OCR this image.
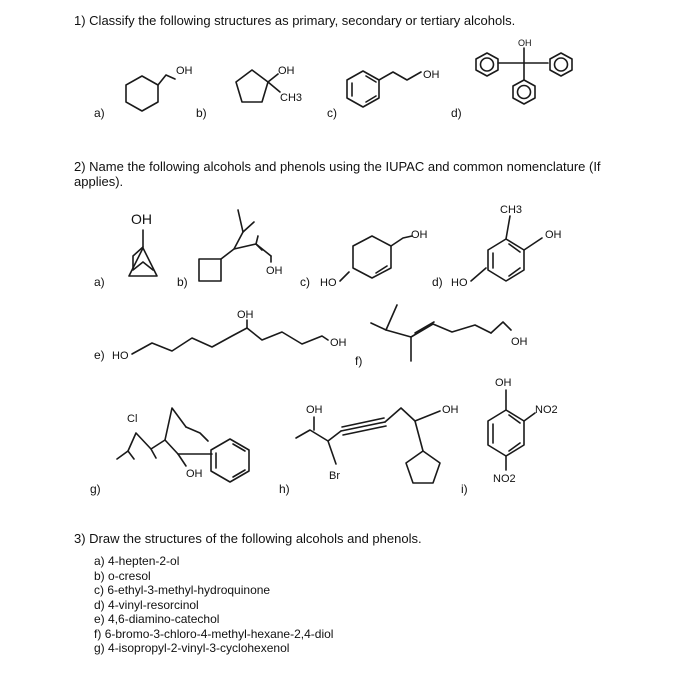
1) Classify the following structures as primary, secondary or tertiary alcohols.

2) Name the following alcohols and phenols using the IUPAC and common nomenclature (If applies).

3) Draw the structures of the following alcohols and phenols.

a)	b)	c)	d)
OH	OH
CH3
OH
OH
a)	b)	c)	d)
e)	f)
g)	h)	i)
OH
OH
HO
OH
HO
CH3
OH
HO
OH
OH	OH
Cl
OH
OH
Br
OH
OH
NO2
NO2
a) 4-hepten-2-ol
b) o-cresol
c) 6-ethyl-3-methyl-hydroquinone
d) 4-vinyl-resorcinol
e) 4,6-diamino-catechol
f) 6-bromo-3-chloro-4-methyl-hexane-2,4-diol
g) 4-isopropyl-2-vinyl-3-cyclohexenol
